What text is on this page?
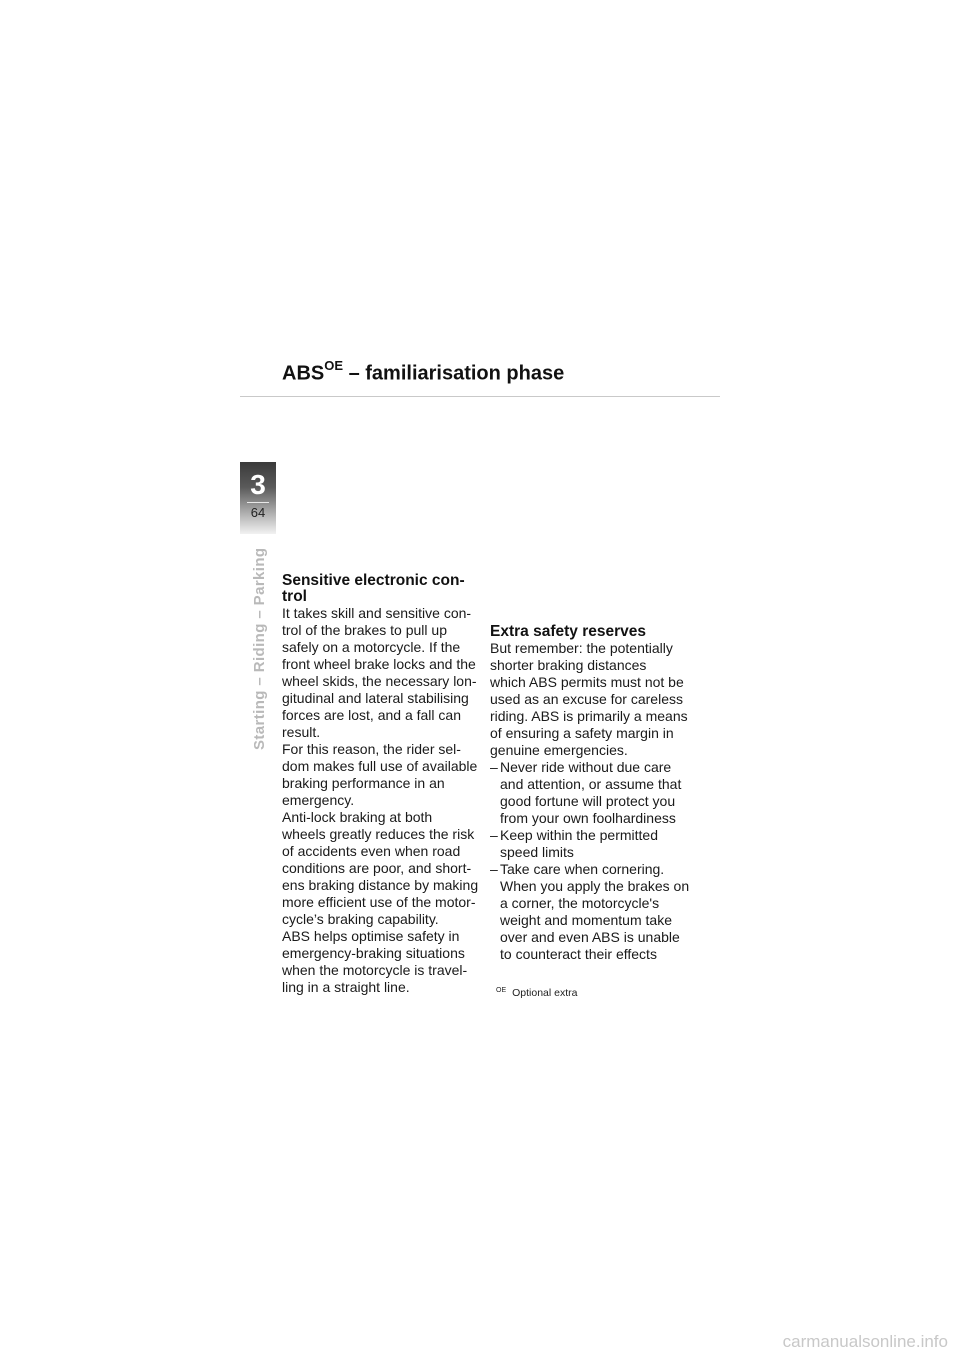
$ABS^{OE}$ – familiarisation phase
3
64
Starting – Riding – Parking Sensitive electronic con-
trol

It takes skill and sensitive con-
trol of the brakes to pull up
safely on a motorcycle. If the
front wheel brake locks and the
wheel skids, the necessary lon-
gitudinal and lateral stabilising
forces are lost, and a fall can
result.

For this reason, the rider sel-
dom makes full use of available
braking performance in an
emergency.

Anti-lock braking at both
wheels greatly reduces the risk
of accidents even when road
conditions are poor, and short-
ens braking distance by making
more efficient use of the motor-
cycle’s braking capability.

ABS helps optimise safety in
emergency-braking situations
when the motorcycle is travel-
ling in a straight line.

Extra safety reserves

But remember: the potentially
shorter braking distances
which ABS permits must not be
used as an excuse for careless
riding. ABS is primarily a means
of ensuring a safety margin in
genuine emergencies.

– Never ride without due care
and attention, or assume that
good fortune will protect you
from your own foolhardiness
– Keep within the permitted
speed limits
– Take care when cornering.
When you apply the brakes on
a corner, the motorcycle's
weight and momentum take
over and even ABS is unable
to counteract their effects
$^{OE}$ Optional extra
carmanualsonline.info
